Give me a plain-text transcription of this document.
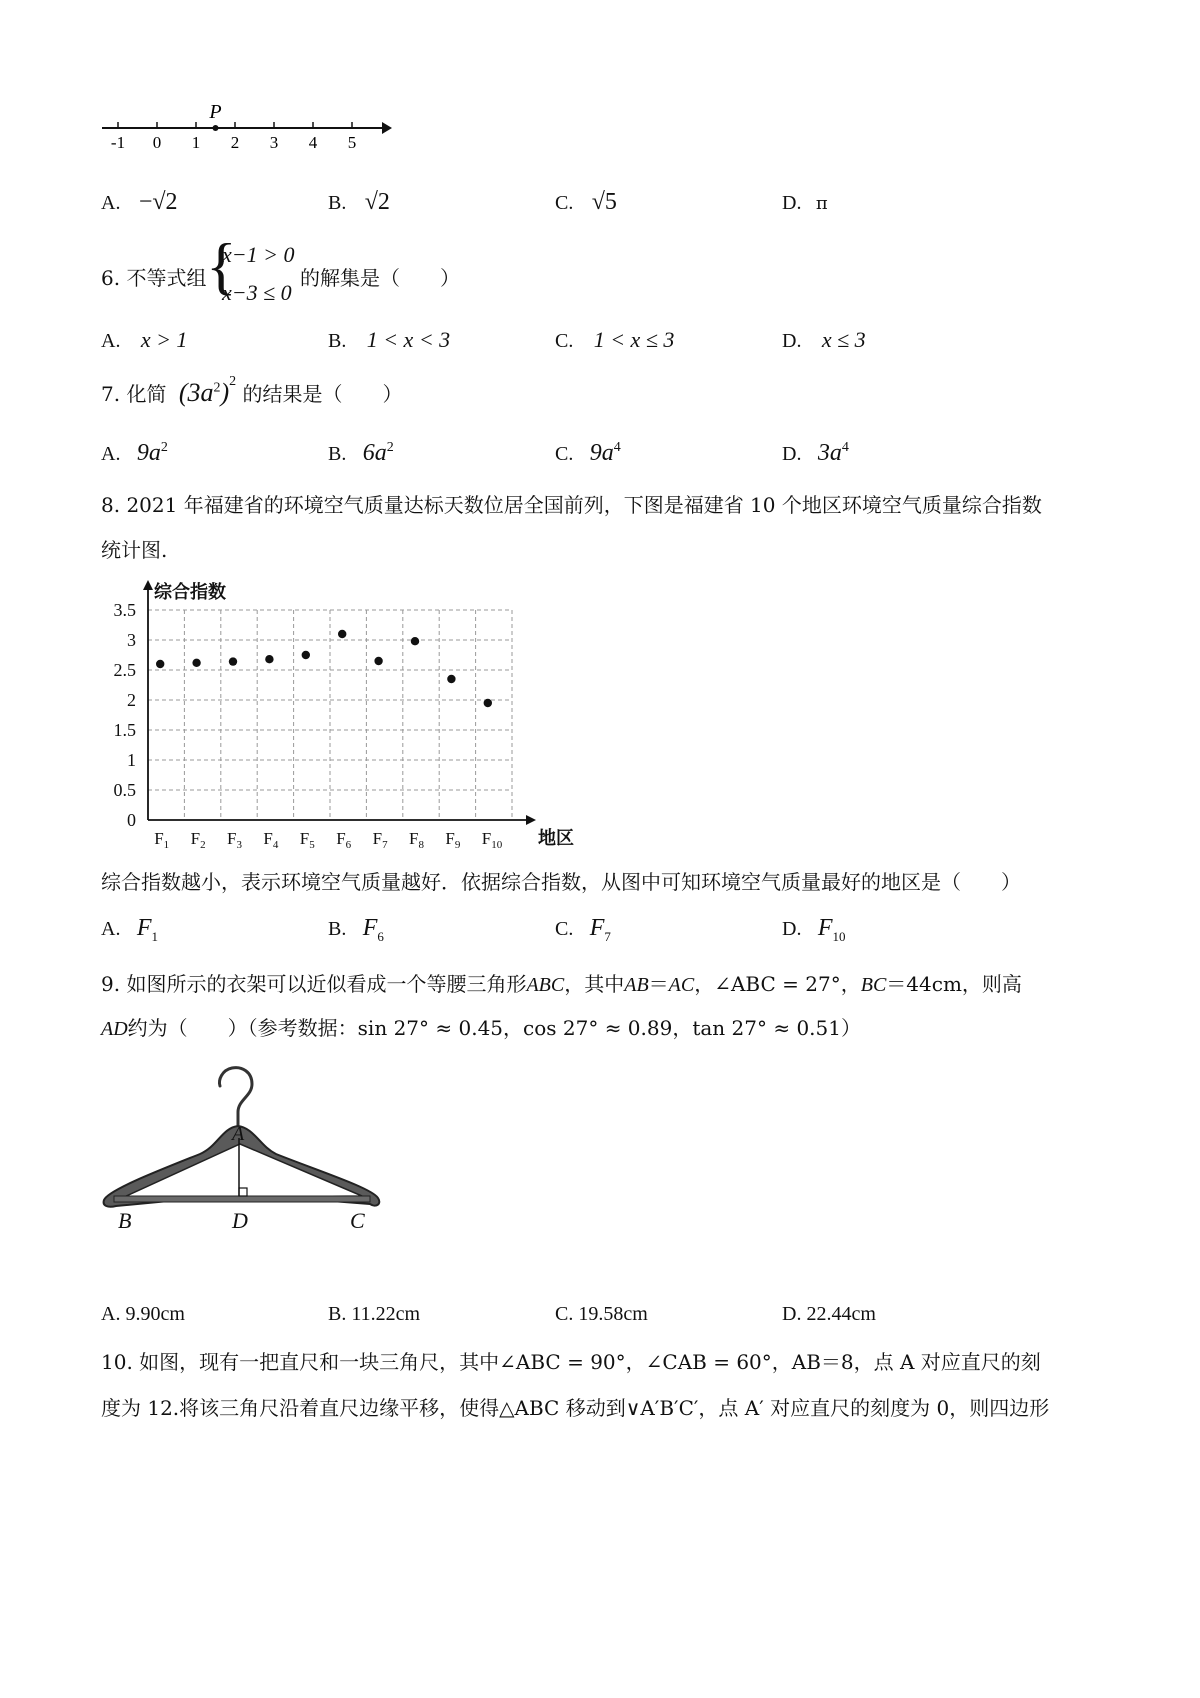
-1 0 1 2 3 4 5
P
A. −√2	B. √2	C. √5	D. π
6. 不等式组 {
x−1 > 0
x−3 ≤ 0
的解集是（　　）
A. x > 1	B. 1 < x < 3	C. 1 < x ≤ 3	D. x ≤ 3
7. 化简 $(3a^2)^2$ 的结果是（　　）
A. $9a^2$	B. $6a^2$	C. $9a^4$	D. $3a^4$
8. 2021 年福建省的环境空气质量达标天数位居全国前列，下图是福建省 10 个地区环境空气质量综合指数
统计图.
0
0.5
1
1.5
2
2.5
3
3.5
综合指数
地区
$F_1$ $F_2$ $F_3$ $F_4$ $F_5$ $F_6$ $F_7$ $F_8$ $F_9$ $F_{10}$
综合指数越小，表示环境空气质量越好．依据综合指数，从图中可知环境空气质量最好的地区是（　　）
A. $F_1$	B. $F_6$	C. $F_7$	D. $F_{10}$
9. 如图所示的衣架可以近似看成一个等腰三角形ABC，其中AB＝AC，∠ABC = 27°，BC＝44cm，则高
AD约为（　　）（参考数据：sin 27° ≈ 0.45，cos 27° ≈ 0.89，tan 27° ≈ 0.51）
A
B	D	C
A. 9.90cm	B. 11.22cm	C. 19.58cm	D. 22.44cm
10. 如图，现有一把直尺和一块三角尺，其中∠ABC = 90°，∠CAB = 60°，AB＝8，点 A 对应直尺的刻
度为 12.将该三角尺沿着直尺边缘平移，使得△ABC 移动到∨A′B′C′，点 A′ 对应直尺的刻度为 0，则四边形
